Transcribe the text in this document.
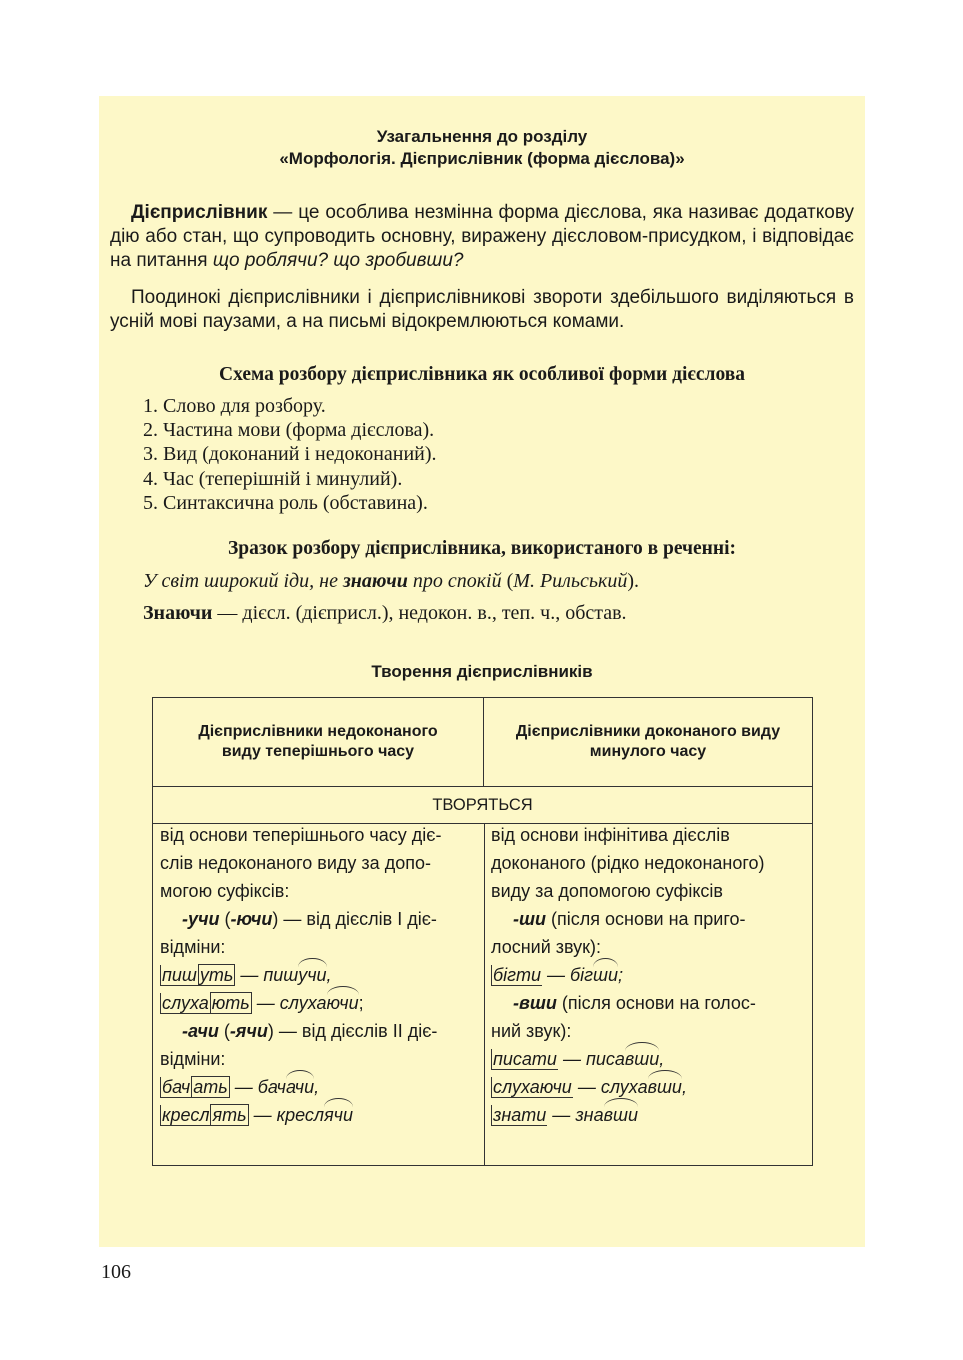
Узагальнення до розділу
«Морфологія. Дієприслівник (форма дієслова)»

Дієприслівник — це особлива незмінна форма дієслова, яка називає додаткову дію або стан, що супроводить основну, виражену дієсловом-присудком, і відповідає на питання що роблячи? що зробивши?

Поодинокі дієприслівники і дієприслівникові звороти здебільшого виділяються в усній мові паузами, а на письмі відокремлюються комами.

Схема розбору дієприслівника як особливої форми дієслова
1. Слово для розбору.
2. Частина мови (форма дієслова).
3. Вид (доконаний і недоконаний).
4. Час (теперішній і минулий).
5. Синтаксична роль (обставина).
Зразок розбору дієприслівника, використаного в реченні:
У світ широкий іди, не знаючи про спокій (М. Рильський).
Знаючи — дієсл. (дієприсл.), недокон. в., теп. ч., обстав.
Творення дієприслівників
Дієприслівники недоконаного виду теперішнього часу
Дієприслівники доконаного виду минулого часу
ТВОРЯТЬСЯ
від основи теперішнього часу діє-
слів недоконаного виду за допо-
могою суфіксів:
-учи (-ючи) — від дієслів І діє-
відміни:
пиш уть — пишучи,
слуха ють — слухаючи;
-ачи (-ячи) — від дієслів ІІ діє-
відміни:
бач ать — бачачи,
кресл ять — креслячи
від основи інфінітива дієслів
доконаного (рідко недоконаного)
виду за допомогою суфіксів
-ши (після основи на приго-
лосний звук):
бігти — бігши;
-вши (після основи на голос-
ний звук):
писати — писавши,
слухаючи — слухавши,
знати — знавши
106
